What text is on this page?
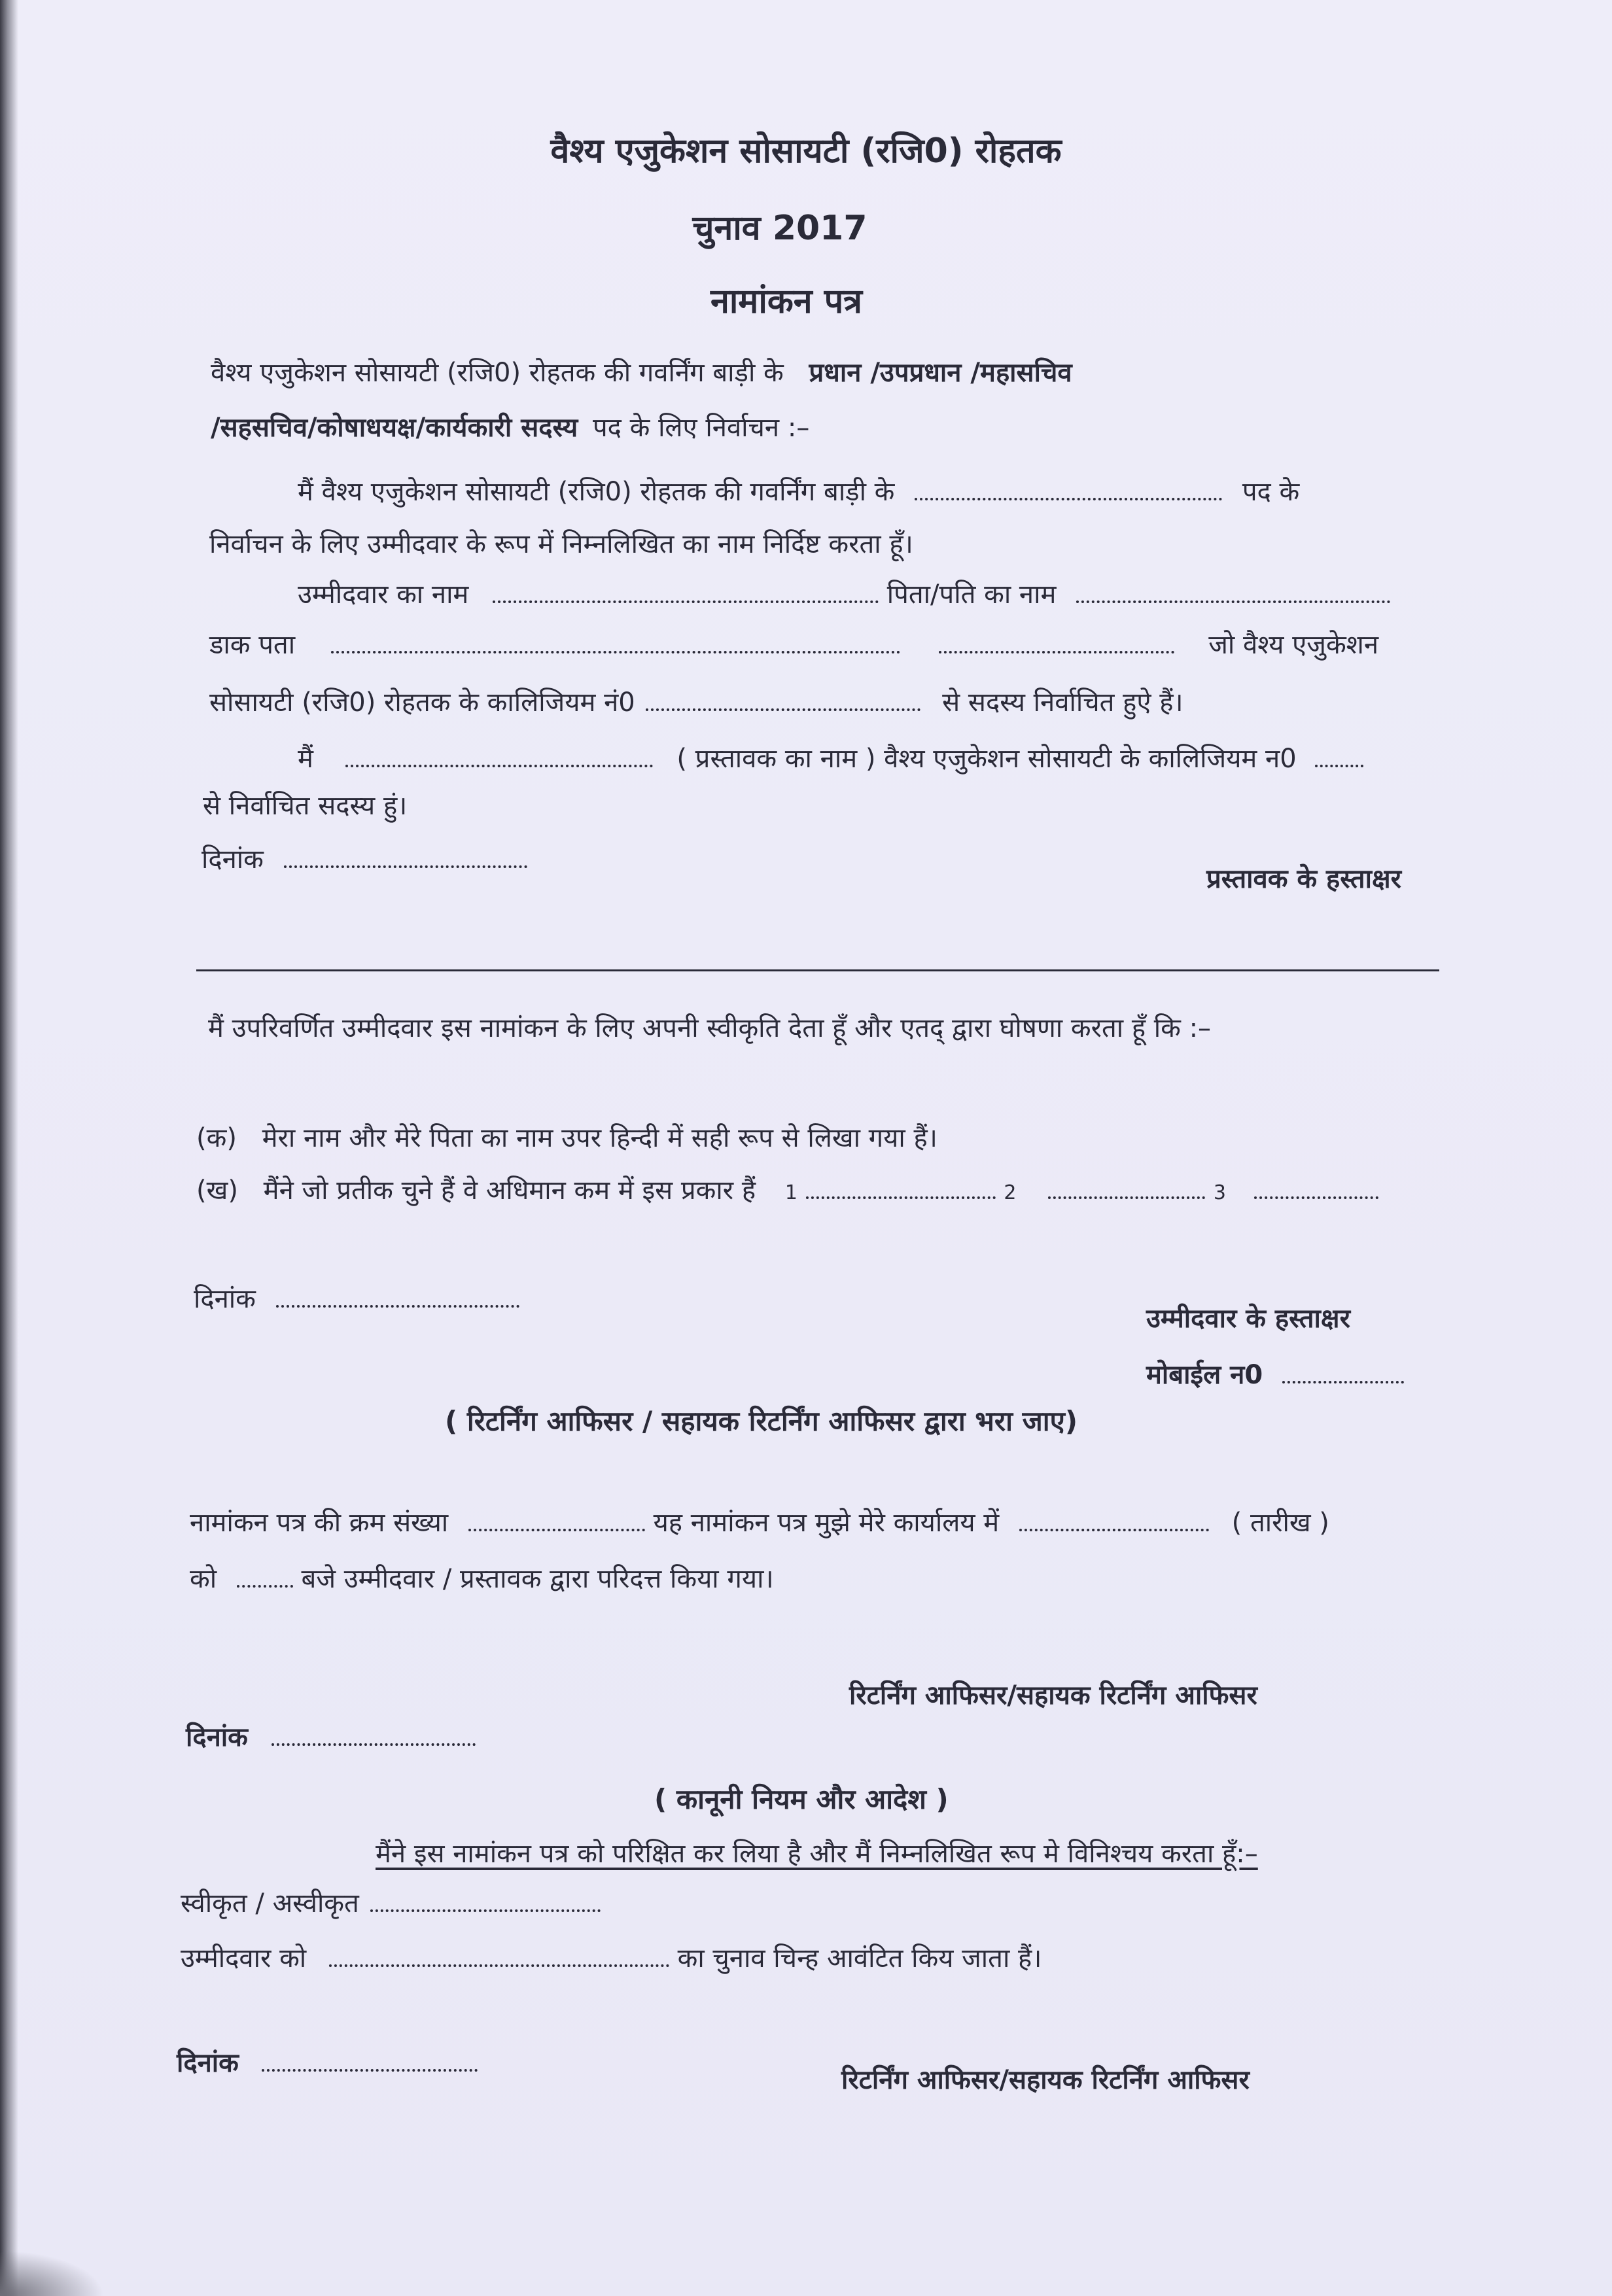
वैश्य एजुकेशन सोसायटी (रजि0) रोहतक
चुनाव 2017
नामांकन पत्र
वैश्य एजुकेशन सोसायटी (रजि0) रोहतक की गवर्निंग बाड़ी के प्रधान /उपप्रधान /महासचिव
/सहसचिव/कोषाधयक्ष/कार्यकारी सदस्य पद के लिए निर्वाचन :–
मैं वैश्य एजुकेशन सोसायटी (रजि0) रोहतक की गवर्निंग बाड़ी के	पद के
निर्वाचन के लिए उम्मीदवार के रूप में निम्नलिखित का नाम निर्दिष्ट करता हूँ।
उम्मीदवार का नाम	पिता/पति का नाम
डाक पता	जो वैश्य एजुकेशन
सोसायटी (रजि0) रोहतक के कालिजियम नं0	से सदस्य निर्वाचित हुऐ हैं।
मैं	( प्रस्तावक का नाम ) वैश्य एजुकेशन सोसायटी के कालिजियम न0
से निर्वाचित सदस्य हुं।
दिनांक
प्रस्तावक के हस्ताक्षर
मैं उपरिवर्णित उम्मीदवार इस नामांकन के लिए अपनी स्वीकृति देता हूँ और एतद् द्वारा घोषणा करता हूँ कि :–
(क) मेरा नाम और मेरे पिता का नाम उपर हिन्दी में सही रूप से लिखा गया हैं।
(ख) मैंने जो प्रतीक चुने हैं वे अधिमान कम में इस प्रकार हैं 1	2	3
दिनांक
उम्मीदवार के हस्ताक्षर
मोबाईल न0
( रिटर्निंग आफिसर / सहायक रिटर्निंग आफिसर द्वारा भरा जाए)
नामांकन पत्र की क्रम संख्या	यह नामांकन पत्र मुझे मेरे कार्यालय में	( तारीख )
को	बजे उम्मीदवार / प्रस्तावक द्वारा परिदत्त किया गया।
रिटर्निंग आफिसर/सहायक रिटर्निंग आफिसर
दिनांक
( कानूनी नियम और आदेश )
मैंने इस नामांकन पत्र को परिक्षित कर लिया है और मैं निम्नलिखित रूप मे विनिश्चय करता हूँ:–
स्वीकृत / अस्वीकृत
उम्मीदवार को	का चुनाव चिन्ह आवंटित किय जाता हैं।
दिनांक
रिटर्निंग आफिसर/सहायक रिटर्निंग आफिसर
